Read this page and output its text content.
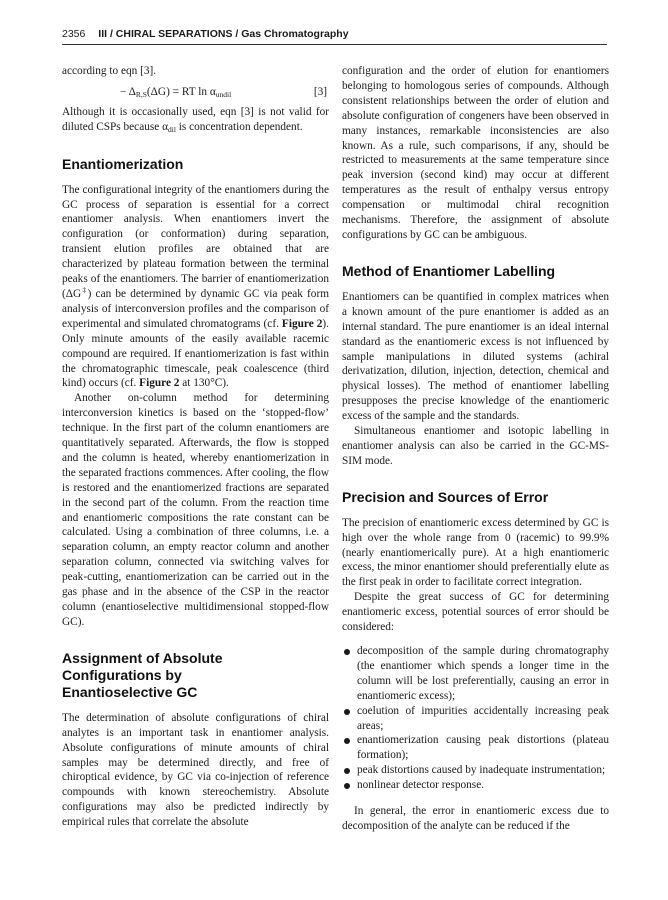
2356 III / CHIRAL SEPARATIONS / Gas Chromatography

according to eqn [3].

− $\Delta_{R,S}(\Delta G)$ = RT $\ln \alpha_{undil}$	[3]

Although it is occasionally used, eqn [3] is not valid for diluted CSPs because $\alpha_{dil}$ is concentration dependent.

Enantiomerization

The configurational integrity of the enantiomers during the GC process of separation is essential for a correct enantiomer analysis. When enantiomers invert the configuration (or conformation) during separation, transient elution profiles are obtained that are characterized by plateau formation between the terminal peaks of the enantiomers. The barrier of enantiomerization (ΔG‡) can be determined by dynamic GC via peak form analysis of interconversion profiles and the comparison of experimental and simulated chromatograms (cf. Figure 2). Only minute amounts of the easily available racemic compound are required. If enantiomerization is fast within the chromatographic timescale, peak coalescence (third kind) occurs (cf. Figure 2 at 130°C).

Another on-column method for determining interconversion kinetics is based on the ‘stopped-flow’ technique. In the first part of the column enantiomers are quantitatively separated. Afterwards, the flow is stopped and the column is heated, whereby enantiomerization in the separated fractions commences. After cooling, the flow is restored and the enantiomerized fractions are separated in the second part of the column. From the reaction time and enantiomeric compositions the rate constant can be calculated. Using a combination of three columns, i.e. a separation column, an empty reactor column and another separation column, connected via switching valves for peak-cutting, enantiomerization can be carried out in the gas phase and in the absence of the CSP in the reactor column (enantioselective multidimensional stopped-flow GC).

Assignment of Absolute Configurations by Enantioselective GC

The determination of absolute configurations of chiral analytes is an important task in enantiomer analysis. Absolute configurations of minute amounts of chiral samples may be determined directly, and free of chiroptical evidence, by GC via co-injection of reference compounds with known stereochemistry. Absolute configurations may also be predicted indirectly by empirical rules that correlate the absolute

configuration and the order of elution for enantiomers belonging to homologous series of compounds. Although consistent relationships between the order of elution and absolute configuration of congeners have been observed in many instances, remarkable inconsistencies are also known. As a rule, such comparisons, if any, should be restricted to measurements at the same temperature since peak inversion (second kind) may occur at different temperatures as the result of enthalpy versus entropy compensation or multimodal chiral recognition mechanisms. Therefore, the assignment of absolute configurations by GC can be ambiguous.

Method of Enantiomer Labelling

Enantiomers can be quantified in complex matrices when a known amount of the pure enantiomer is added as an internal standard. The pure enantiomer is an ideal internal standard as the enantiomeric excess is not influenced by sample manipulations in diluted systems (achiral derivatization, dilution, injection, detection, chemical and physical losses). The method of enantiomer labelling presupposes the precise knowledge of the enantiomeric excess of the sample and the standards.

Simultaneous enantiomer and isotopic labelling in enantiomer analysis can also be carried in the GC-MS-SIM mode.

Precision and Sources of Error

The precision of enantiomeric excess determined by GC is high over the whole range from 0 (racemic) to 99.9% (nearly enantiomerically pure). At a high enantiomeric excess, the minor enantiomer should preferentially elute as the first peak in order to facilitate correct integration.

Despite the great success of GC for determining enantiomeric excess, potential sources of error should be considered:

decomposition of the sample during chromatography (the enantiomer which spends a longer time in the column will be lost preferentially, causing an error in enantiomeric excess);
coelution of impurities accidentally increasing peak areas;
enantiomerization causing peak distortions (plateau formation);
peak distortions caused by inadequate instrumentation;
nonlinear detector response.

In general, the error in enantiomeric excess due to decomposition of the analyte can be reduced if the
